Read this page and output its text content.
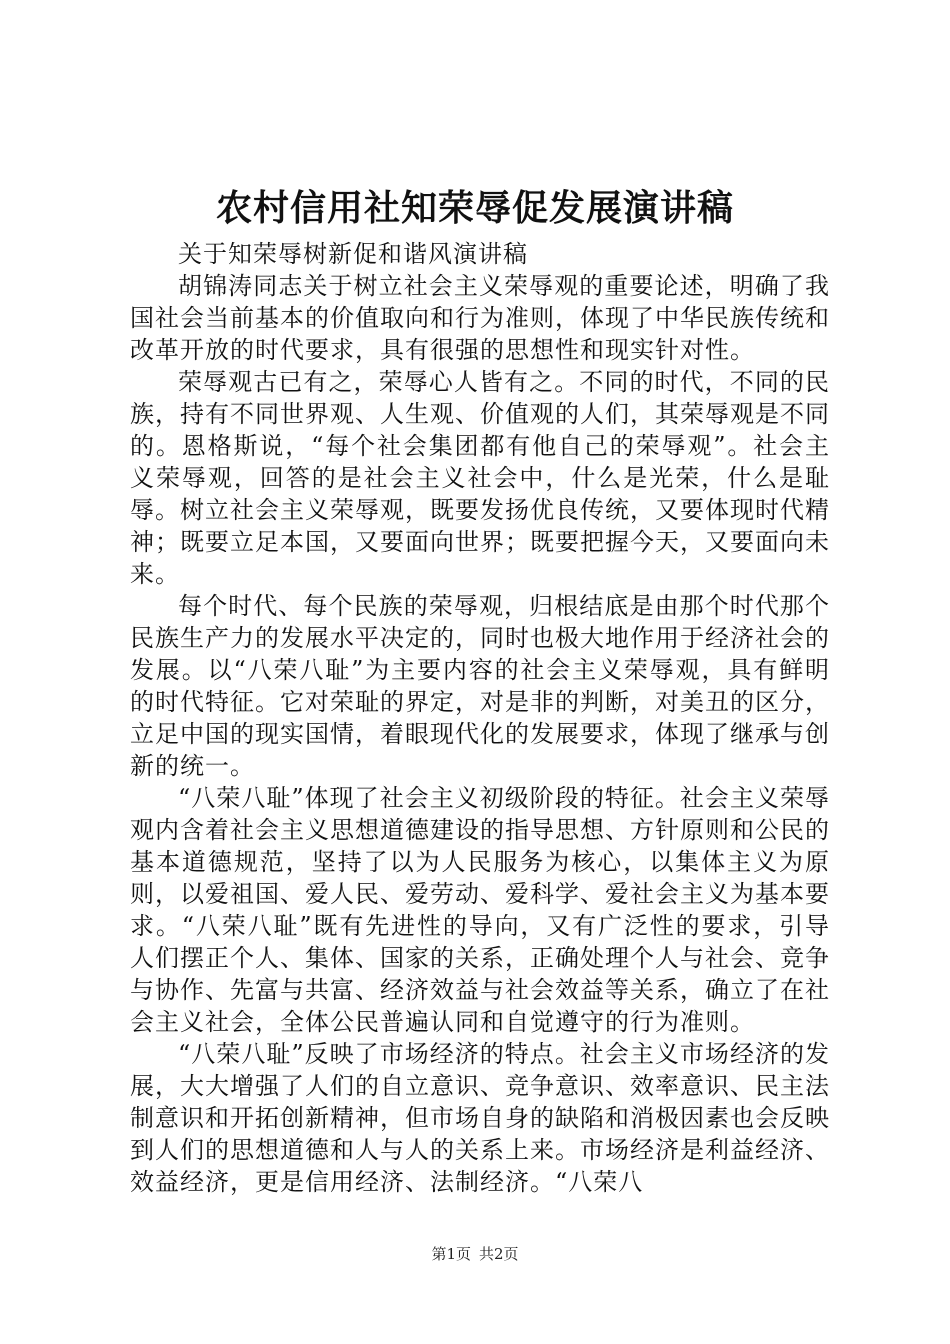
农村信用社知荣辱促发展演讲稿

关于知荣辱树新促和谐风演讲稿

胡锦涛同志关于树立社会主义荣辱观的重要论述，明确了我国社会当前基本的价值取向和行为准则，体现了中华民族传统和改革开放的时代要求，具有很强的思想性和现实针对性。

荣辱观古已有之，荣辱心人皆有之。不同的时代，不同的民族，持有不同世界观、人生观、价值观的人们，其荣辱观是不同的。恩格斯说，“每个社会集团都有他自己的荣辱观”。社会主义荣辱观，回答的是社会主义社会中，什么是光荣，什么是耻辱。树立社会主义荣辱观，既要发扬优良传统，又要体现时代精神；既要立足本国，又要面向世界；既要把握今天，又要面向未来。

每个时代、每个民族的荣辱观，归根结底是由那个时代那个民族生产力的发展水平决定的，同时也极大地作用于经济社会的发展。以“八荣八耻”为主要内容的社会主义荣辱观，具有鲜明的时代特征。它对荣耻的界定，对是非的判断，对美丑的区分，立足中国的现实国情，着眼现代化的发展要求，体现了继承与创新的统一。

“八荣八耻”体现了社会主义初级阶段的特征。社会主义荣辱观内含着社会主义思想道德建设的指导思想、方针原则和公民的基本道德规范，坚持了以为人民服务为核心，以集体主义为原则，以爱祖国、爱人民、爱劳动、爱科学、爱社会主义为基本要求。“八荣八耻”既有先进性的导向，又有广泛性的要求，引导人们摆正个人、集体、国家的关系，正确处理个人与社会、竞争与协作、先富与共富、经济效益与社会效益等关系，确立了在社会主义社会，全体公民普遍认同和自觉遵守的行为准则。

“八荣八耻”反映了市场经济的特点。社会主义市场经济的发展，大大增强了人们的自立意识、竞争意识、效率意识、民主法制意识和开拓创新精神，但市场自身的缺陷和消极因素也会反映到人们的思想道德和人与人的关系上来。市场经济是利益经济、效益经济，更是信用经济、法制经济。“八荣八

第1页 共2页
